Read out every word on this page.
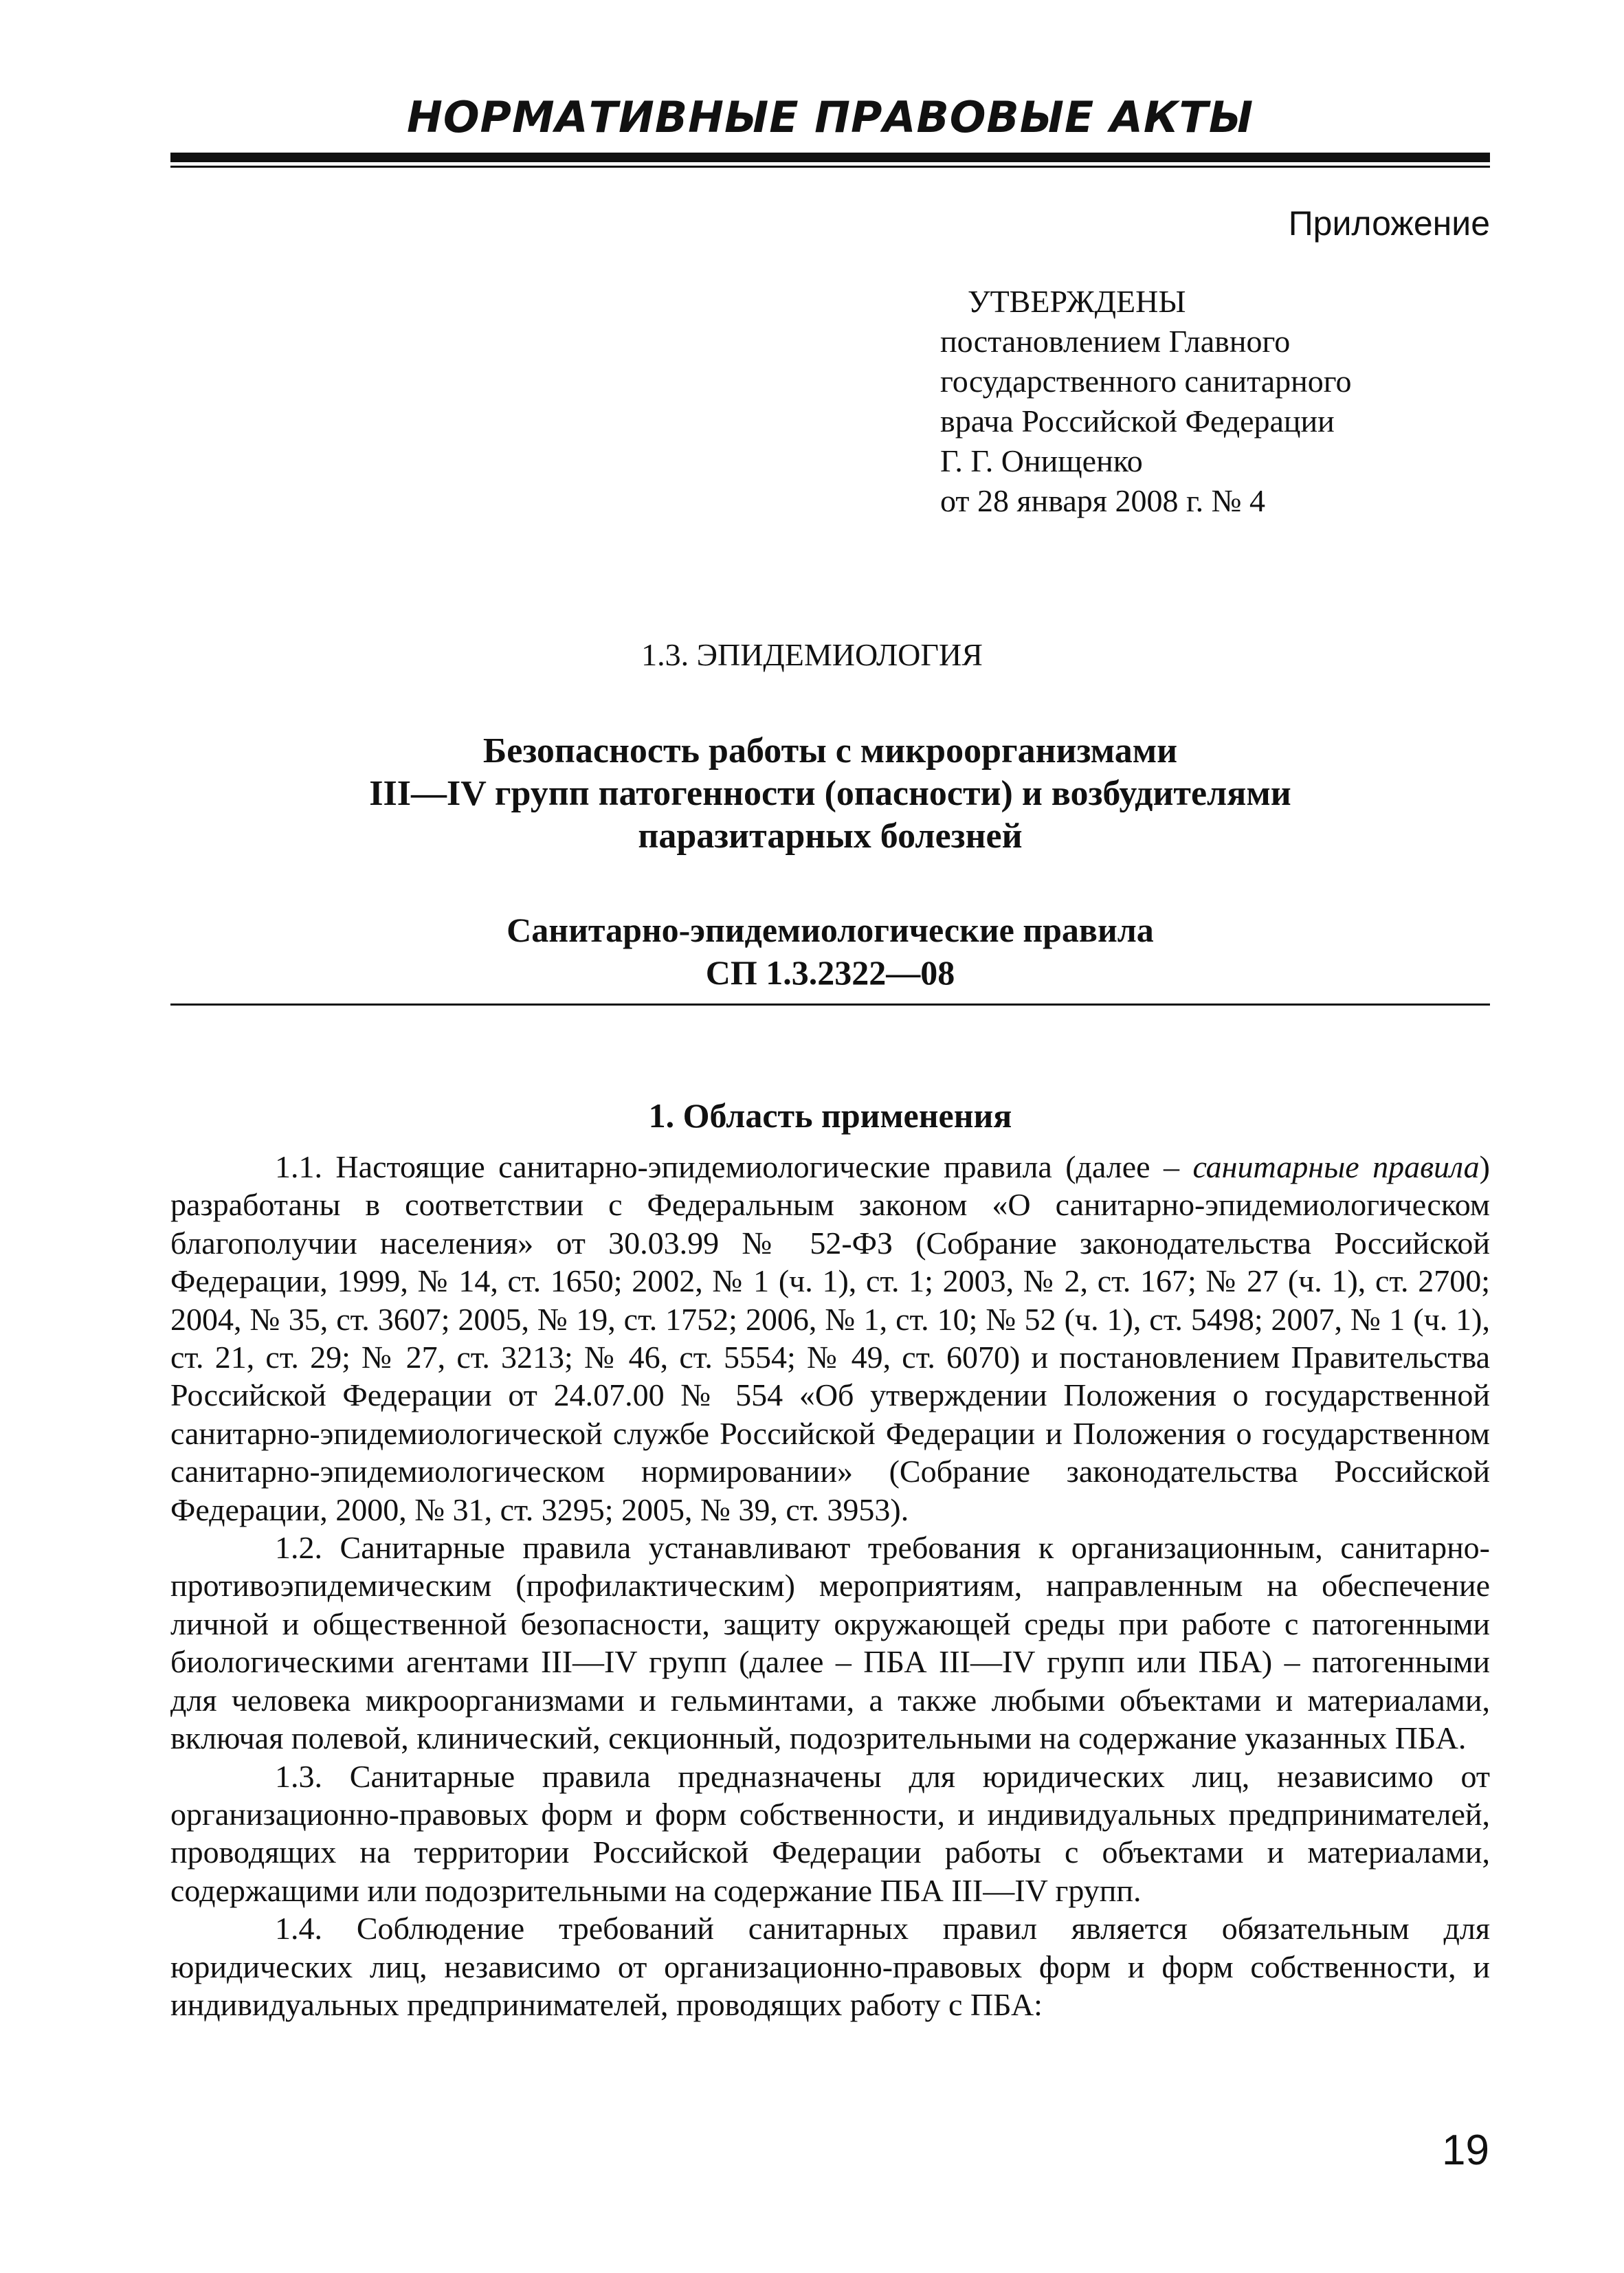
НОРМАТИВНЫЕ ПРАВОВЫЕ АКТЫ
Приложение
УТВЕРЖДЕНЫ
постановлением Главного
государственного санитарного
врача Российской Федерации
Г. Г. Онищенко
от 28 января 2008 г. № 4
1.3. ЭПИДЕМИОЛОГИЯ
Безопасность работы с микроорганизмами
III—IV групп патогенности (опасности) и возбудителями
паразитарных болезней
Санитарно-эпидемиологические правила
СП 1.3.2322—08
1. Область применения

1.1. Настоящие санитарно-эпидемиологические правила (далее – санитарные правила) разработаны в соответствии с Федеральным законом «О санитарно-эпидемиологическом благополучии населения» от 30.03.99 № 52-ФЗ (Собрание законодательства Российской Федерации, 1999, № 14, ст. 1650; 2002, № 1 (ч. 1), ст. 1; 2003, № 2, ст. 167; № 27 (ч. 1), ст. 2700; 2004, № 35, ст. 3607; 2005, № 19, ст. 1752; 2006, № 1, ст. 10; № 52 (ч. 1), ст. 5498; 2007, № 1 (ч. 1), ст. 21, ст. 29; № 27, ст. 3213; № 46, ст. 5554; № 49, ст. 6070) и постановлением Правительства Российской Федерации от 24.07.00 № 554 «Об утверждении Положения о государственной санитарно-эпидемиологической службе Российской Федерации и Положения о государственном санитарно-эпидемиологическом нормировании» (Собрание законодательства Российской Федерации, 2000, № 31, ст. 3295; 2005, № 39, ст. 3953).

1.2. Санитарные правила устанавливают требования к организационным, санитарно-противоэпидемическим (профилактическим) мероприятиям, направленным на обеспечение личной и общественной безопасности, защиту окружающей среды при работе с патогенными биологическими агентами III—IV групп (далее – ПБА III—IV групп или ПБА) – патогенными для человека микроорганизмами и гельминтами, а также любыми объектами и материалами, включая полевой, клинический, секционный, подозрительными на содержание указанных ПБА.

1.3. Санитарные правила предназначены для юридических лиц, независимо от организационно-правовых форм и форм собственности, и индивидуальных предпринимателей, проводящих на территории Российской Федерации работы с объектами и материалами, содержащими или подозрительными на содержание ПБА III—IV групп.

1.4. Соблюдение требований санитарных правил является обязательным для юридических лиц, независимо от организационно-правовых форм и форм собственности, и индивидуальных предпринимателей, проводящих работу с ПБА:

19
